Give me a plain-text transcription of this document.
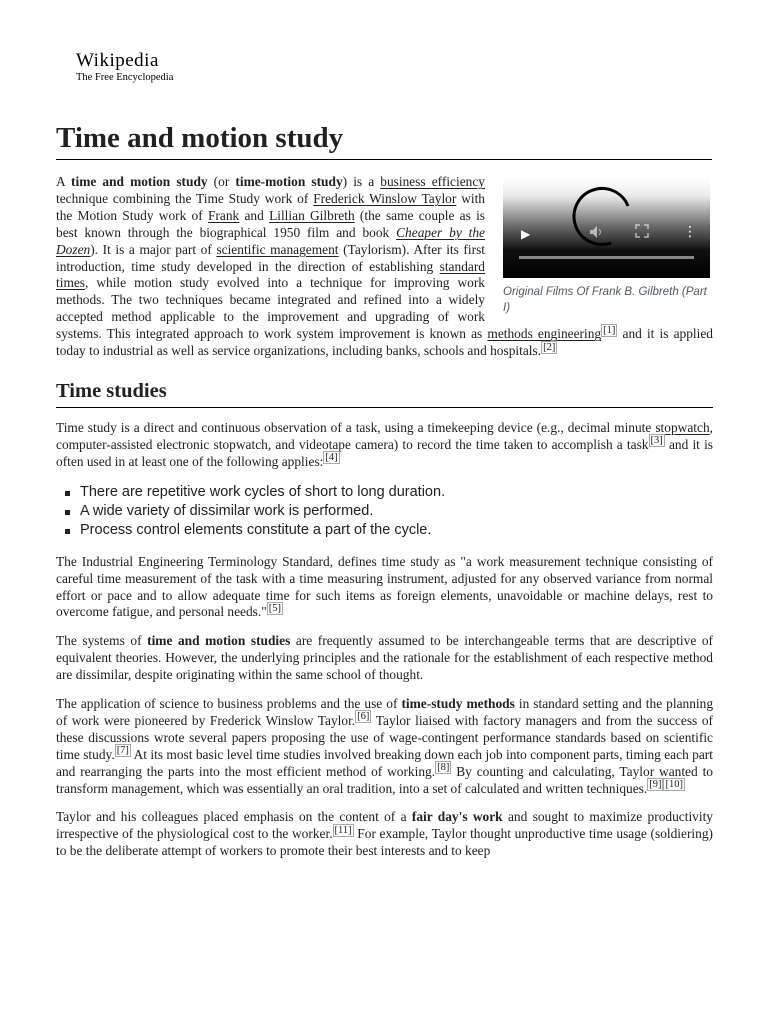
Wikipedia
The Free Encyclopedia
Time and motion study
▶	⋮
Original Films Of Frank B. Gilbreth (Part I)

A time and motion study (or time-motion study) is a business efficiency technique combining the Time Study work of Frederick Winslow Taylor with the Motion Study work of Frank and Lillian Gilbreth (the same couple as is best known through the biographical 1950 film and book Cheaper by the Dozen). It is a major part of scientific management (Taylorism). After its first introduction, time study developed in the direction of establishing standard times, while motion study evolved into a technique for improving work methods. The two techniques became integrated and refined into a widely accepted method applicable to the improvement and upgrading of work systems. This integrated approach to work system improvement is known as methods engineering [1] and it is applied today to industrial as well as service organizations, including banks, schools and hospitals. [2]

Time studies

Time study is a direct and continuous observation of a task, using a timekeeping device (e.g., decimal minute stopwatch, computer-assisted electronic stopwatch, and videotape camera) to record the time taken to accomplish a task [3] and it is often used in at least one of the following applies: [4]

There are repetitive work cycles of short to long duration.
A wide variety of dissimilar work is performed.
Process control elements constitute a part of the cycle.

The Industrial Engineering Terminology Standard, defines time study as "a work measurement technique consisting of careful time measurement of the task with a time measuring instrument, adjusted for any observed variance from normal effort or pace and to allow adequate time for such items as foreign elements, unavoidable or machine delays, rest to overcome fatigue, and personal needs." [5]

The systems of time and motion studies are frequently assumed to be interchangeable terms that are descriptive of equivalent theories. However, the underlying principles and the rationale for the establishment of each respective method are dissimilar, despite originating within the same school of thought.

The application of science to business problems and the use of time-study methods in standard setting and the planning of work were pioneered by Frederick Winslow Taylor. [6] Taylor liaised with factory managers and from the success of these discussions wrote several papers proposing the use of wage-contingent performance standards based on scientific time study. [7] At its most basic level time studies involved breaking down each job into component parts, timing each part and rearranging the parts into the most efficient method of working. [8] By counting and calculating, Taylor wanted to transform management, which was essentially an oral tradition, into a set of calculated and written techniques. [9] [10]

Taylor and his colleagues placed emphasis on the content of a fair day's work and sought to maximize productivity irrespective of the physiological cost to the worker. [11] For example, Taylor thought unproductive time usage (soldiering) to be the deliberate attempt of workers to promote their best interests and to keep
